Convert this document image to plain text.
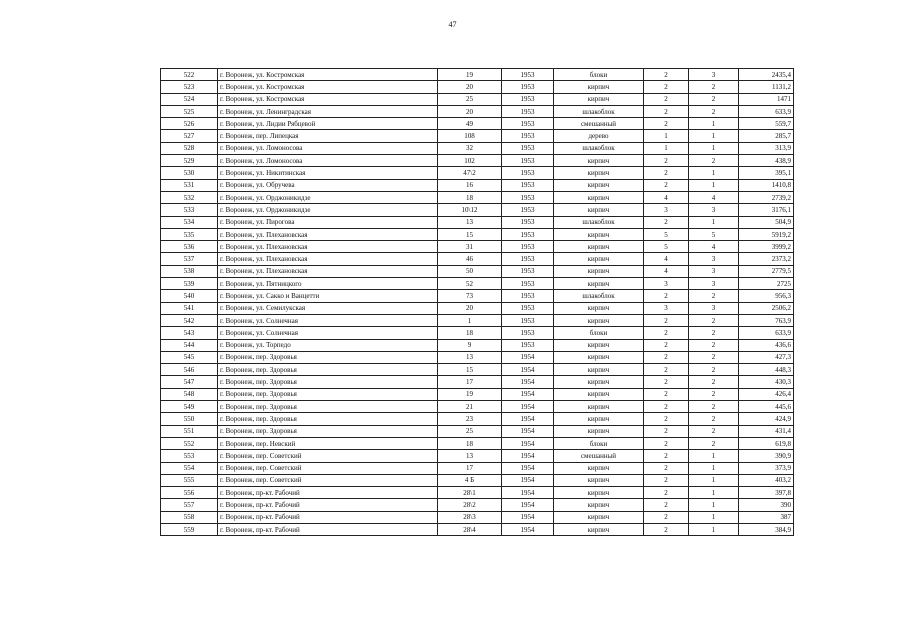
47
522	г. Воронеж, ул. Костромская	19	1953	блоки	2	3	2435,4
523	г. Воронеж, ул. Костромская	20	1953	кирпич	2	2	1131,2
524	г. Воронеж, ул. Костромская	25	1953	кирпич	2	2	1471
525	г. Воронеж, ул. Ленинградская	20	1953	шлакоблок	2	2	633,9
526	г. Воронеж, ул. Лидии Рябцевой	49	1953	смешанный	2	1	559,7
527	г. Воронеж, пер. Липецкая	108	1953	дерево	1	1	285,7
528	г. Воронеж, ул. Ломоносова	32	1953	шлакоблок	1	1	313,9
529	г. Воронеж, ул. Ломоносова	102	1953	кирпич	2	2	438,9
530	г. Воронеж, ул. Никитинская	47\2	1953	кирпич	2	1	395,1
531	г. Воронеж, ул. Обручева	16	1953	кирпич	2	1	1410,8
532	г. Воронеж, ул. Орджоникидзе	18	1953	кирпич	4	4	2739,2
533	г. Воронеж, ул. Орджоникидзе	10\12	1953	кирпич	3	3	3176,1
534	г. Воронеж, ул. Пирогова	13	1953	шлакоблок	2	1	504,9
535	г. Воронеж, ул. Плехановская	15	1953	кирпич	5	5	5919,2
536	г. Воронеж, ул. Плехановская	31	1953	кирпич	5	4	3999,2
537	г. Воронеж, ул. Плехановская	46	1953	кирпич	4	3	2373,2
538	г. Воронеж, ул. Плехановская	50	1953	кирпич	4	3	2779,5
539	г. Воронеж, ул. Пятницкого	52	1953	кирпич	3	3	2725
540	г. Воронеж, ул. Сакко и Ванцетти	73	1953	шлакоблок	2	2	956,3
541	г. Воронеж, ул. Семилукская	20	1953	кирпич	3	3	2506,2
542	г. Воронеж, ул. Солнечная	1	1953	кирпич	2	2	763,9
543	г. Воронеж, ул. Солнечная	18	1953	блоки	2	2	633,9
544	г. Воронеж, ул. Торпедо	9	1953	кирпич	2	2	436,6
545	г. Воронеж, пер. Здоровья	13	1954	кирпич	2	2	427,3
546	г. Воронеж, пер. Здоровья	15	1954	кирпич	2	2	448,3
547	г. Воронеж, пер. Здоровья	17	1954	кирпич	2	2	430,3
548	г. Воронеж, пер. Здоровья	19	1954	кирпич	2	2	426,4
549	г. Воронеж, пер. Здоровья	21	1954	кирпич	2	2	445,6
550	г. Воронеж, пер. Здоровья	23	1954	кирпич	2	2	424,9
551	г. Воронеж, пер. Здоровья	25	1954	кирпич	2	2	431,4
552	г. Воронеж, пер. Невский	18	1954	блоки	2	2	619,8
553	г. Воронеж, пер. Советский	13	1954	смешанный	2	1	390,9
554	г. Воронеж, пер. Советский	17	1954	кирпич	2	1	373,9
555	г. Воронеж, пер. Советский	4 Б	1954	кирпич	2	1	403,2
556	г. Воронеж, пр-кт. Рабочий	28\1	1954	кирпич	2	1	397,8
557	г. Воронеж, пр-кт. Рабочий	28\2	1954	кирпич	2	1	390
558	г. Воронеж, пр-кт. Рабочий	28\3	1954	кирпич	2	1	387
559	г. Воронеж, пр-кт. Рабочий	28\4	1954	кирпич	2	1	384,9
